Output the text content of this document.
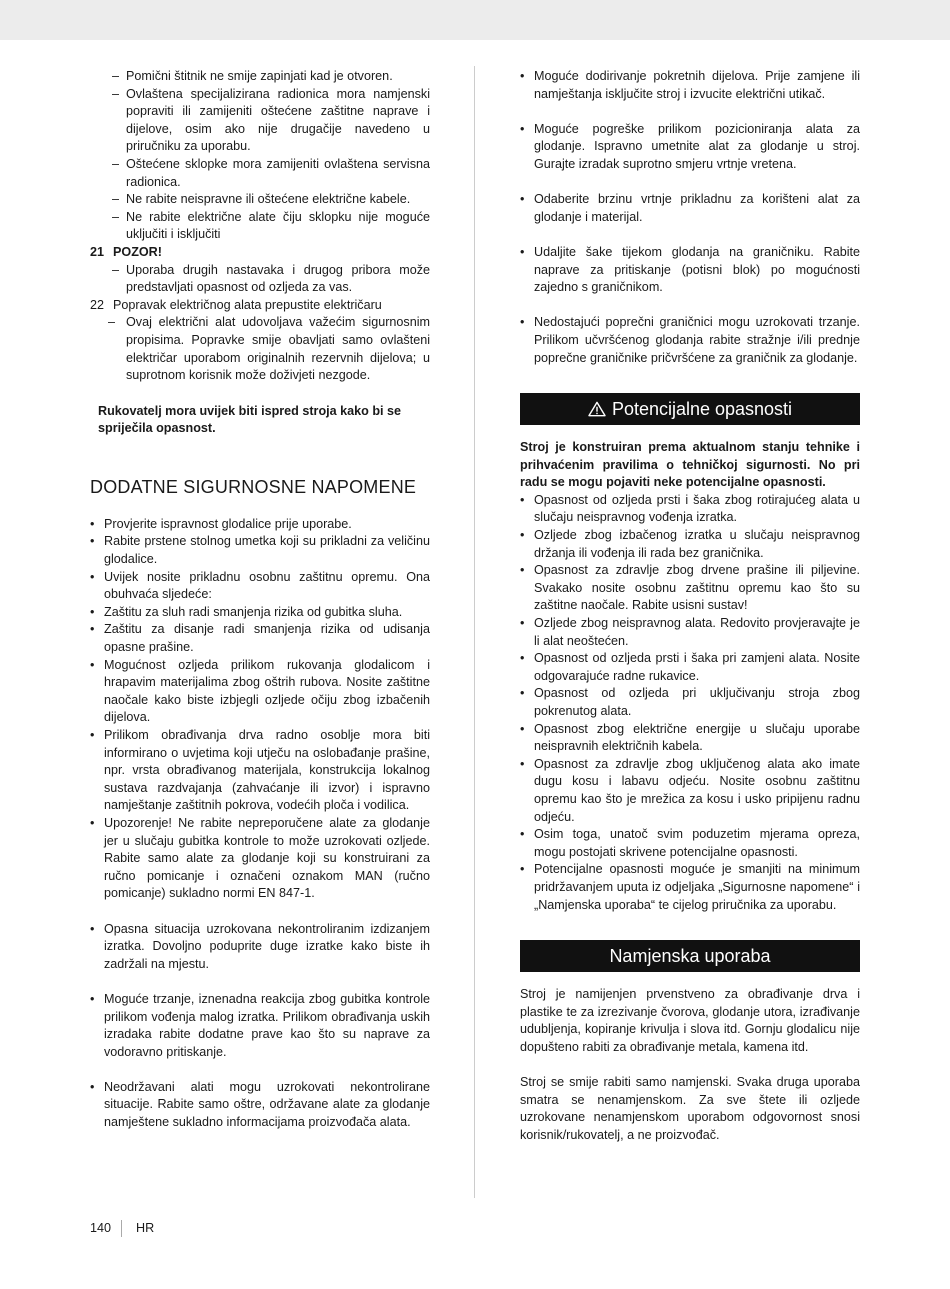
– Pomični štitnik ne smije zapinjati kad je otvoren.
– Ovlaštena specijalizirana radionica mora namjenski popraviti ili zamijeniti oštećene zaštitne naprave i dijelove, osim ako nije drugačije navedeno u priručniku za uporabu.
– Oštećene sklopke mora zamijeniti ovlaštena servisna radionica.
– Ne rabite neispravne ili oštećene električne kabele.
– Ne rabite električne alate čiju sklopku nije moguće uključiti i isključiti
21 POZOR!
– Uporaba drugih nastavaka i drugog pribora može predstavljati opasnost od ozljeda za vas.
22 Popravak električnog alata prepustite električaru
– Ovaj električni alat udovoljava važećim sigurnosnim propisima. Popravke smije obavljati samo ovlašteni električar uporabom originalnih rezervnih dijelova; u suprotnom korisnik može doživjeti nezgode.
Rukovatelj mora uvijek biti ispred stroja kako bi se spriječila opasnost.
DODATNE SIGURNOSNE NAPOMENE
• Provjerite ispravnost glodalice prije uporabe.
• Rabite prstene stolnog umetka koji su prikladni za veličinu glodalice.
• Uvijek nosite prikladnu osobnu zaštitnu opremu. Ona obuhvaća sljedeće:
• Zaštitu za sluh radi smanjenja rizika od gubitka sluha.
• Zaštitu za disanje radi smanjenja rizika od udisanja opasne prašine.
• Mogućnost ozljeda prilikom rukovanja glodalicom i hrapavim materijalima zbog oštrih rubova. Nosite zaštitne naočale kako biste izbjegli ozljede očiju zbog izbačenih dijelova.
• Prilikom obrađivanja drva radno osoblje mora biti informirano o uvjetima koji utječu na oslobađanje prašine, npr. vrsta obrađivanog materijala, konstrukcija lokalnog sustava razdvajanja (zahvaćanje ili izvor) i ispravno namještanje zaštitnih pokrova, vodećih ploča i vodilica.
• Upozorenje! Ne rabite nepreporučene alate za glodanje jer u slučaju gubitka kontrole to može uzrokovati ozljede. Rabite samo alate za glodanje koji su konstruirani za ručno pomicanje i označeni oznakom MAN (ručno pomicanje) sukladno normi EN 847-1.
• Opasna situacija uzrokovana nekontroliranim izdizanjem izratka. Dovoljno poduprite duge izratke kako biste ih zadržali na mjestu.
• Moguće trzanje, iznenadna reakcija zbog gubitka kontrole prilikom vođenja malog izratka. Prilikom obrađivanja uskih izradaka rabite dodatne prave kao što su naprave za vodoravno pritiskanje.
• Neodržavani alati mogu uzrokovati nekontrolirane situacije. Rabite samo oštre, održavane alate za glodanje namještene sukladno informacijama proizvođača alata.
• Moguće dodirivanje pokretnih dijelova. Prije zamjene ili namještanja isključite stroj i izvucite električni utikač.
• Moguće pogreške prilikom pozicioniranja alata za glodanje. Ispravno umetnite alat za glodanje u stroj. Gurajte izradak suprotno smjeru vrtnje vretena.
• Odaberite brzinu vrtnje prikladnu za korišteni alat za glodanje i materijal.
• Udaljite šake tijekom glodanja na graničniku. Rabite naprave za pritiskanje (potisni blok) po mogućnosti zajedno s graničnikom.
• Nedostajući poprečni graničnici mogu uzrokovati trzanje. Prilikom učvršćenog glodanja rabite stražnje i/ili prednje poprečne graničnike pričvršćene za graničnik za glodanje.
Potencijalne opasnosti
Stroj je konstruiran prema aktualnom stanju tehnike i prihvaćenim pravilima o tehničkoj sigurnosti. No pri radu se mogu pojaviti neke potencijalne opasnosti.
• Opasnost od ozljeda prsti i šaka zbog rotirajućeg alata u slučaju neispravnog vođenja izratka.
• Ozljede zbog izbačenog izratka u slučaju neispravnog držanja ili vođenja ili rada bez graničnika.
• Opasnost za zdravlje zbog drvene prašine ili piljevine. Svakako nosite osobnu zaštitnu opremu kao što su zaštitne naočale. Rabite usisni sustav!
• Ozljede zbog neispravnog alata. Redovito provjeravajte je li alat neoštećen.
• Opasnost od ozljeda prsti i šaka pri zamjeni alata. Nosite odgovarajuće radne rukavice.
• Opasnost od ozljeda pri uključivanju stroja zbog pokrenutog alata.
• Opasnost zbog električne energije u slučaju uporabe neispravnih električnih kabela.
• Opasnost za zdravlje zbog uključenog alata ako imate dugu kosu i labavu odjeću. Nosite osobnu zaštitnu opremu kao što je mrežica za kosu i usko pripijenu radnu odjeću.
• Osim toga, unatoč svim poduzetim mjerama opreza, mogu postojati skrivene potencijalne opasnosti.
• Potencijalne opasnosti moguće je smanjiti na minimum pridržavanjem uputa iz odjeljaka „Sigurnosne napomene“ i „Namjenska uporaba“ te cijelog priručnika za uporabu.
Namjenska uporaba
Stroj je namijenjen prvenstveno za obrađivanje drva i plastike te za izrezivanje čvorova, glodanje utora, izrađivanje udubljenja, kopiranje krivulja i slova itd. Gornju glodalicu nije dopušteno rabiti za obrađivanje metala, kamena itd.
Stroj se smije rabiti samo namjenski. Svaka druga uporaba smatra se nenamjenskom. Za sve štete ili ozljede uzrokovane nenamjenskom uporabom odgovornost snosi korisnik/rukovatelj, a ne proizvođač.
140 HR
